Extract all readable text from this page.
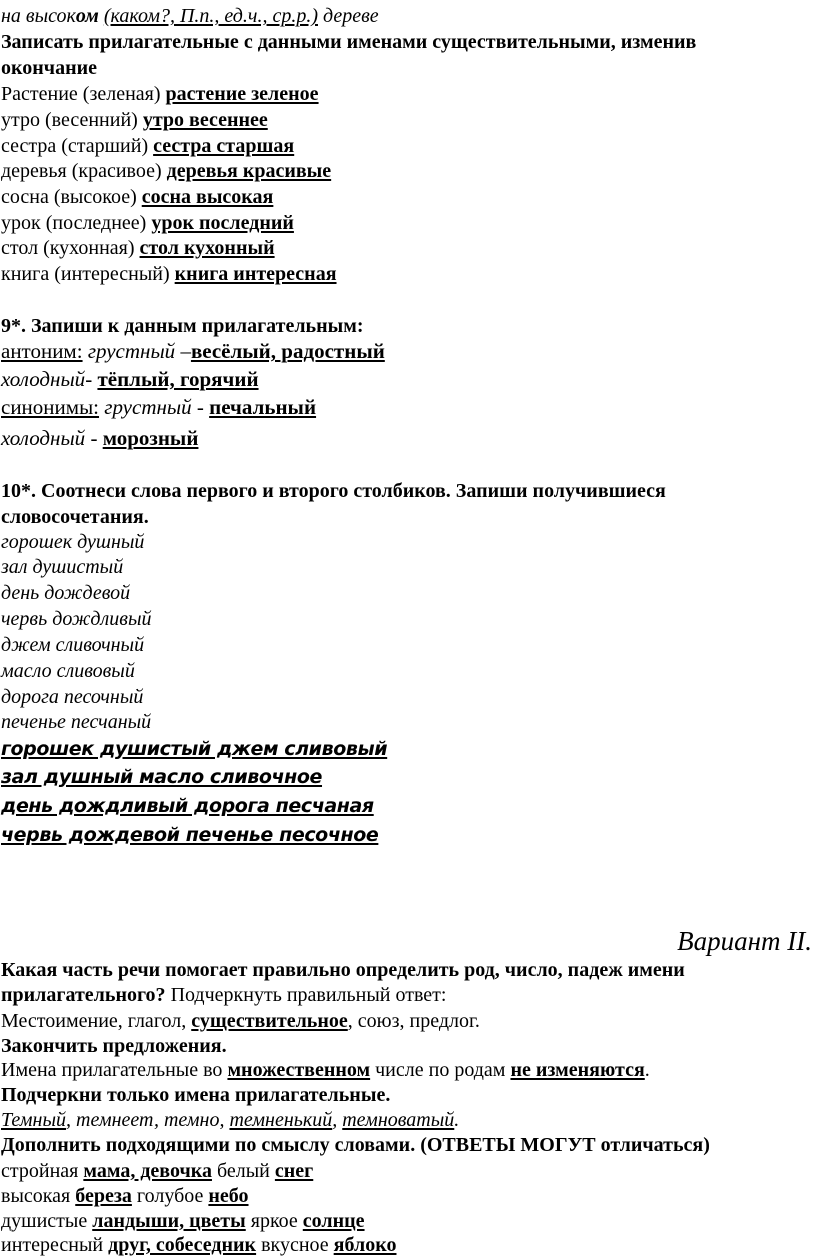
на высоком (каком?, П.п., ед.ч., ср.р.) дереве
Записать прилагательные с данными именами существительными, изменив
окончание
Растение (зеленая) растение зеленое
утро (весенний) утро весеннее
сестра (старший) сестра старшая
деревья (красивое) деревья красивые
сосна (высокое) сосна высокая
урок (последнее) урок последний
стол (кухонная) стол кухонный
книга (интересный) книга интересная
9*. Запиши к данным прилагательным:
антоним: грустный –весёлый, радостный
холодный- тёплый, горячий
синонимы: грустный - печальный
холодный - морозный
10*. Соотнеси слова первого и второго столбиков. Запиши получившиеся
словосочетания.
горошек душный
зал душистый
день дождевой
червь дождливый
джем сливочный
масло сливовый
дорога песочный
печенье песчаный
горошек душистый джем сливовый
зал душный масло сливочное
день дождливый дорога песчаная
червь дождевой печенье песочное
Вариант II.
Какая часть речи помогает правильно определить род, число, падеж имени
прилагательного? Подчеркнуть правильный ответ:
Местоимение, глагол, существительное, союз, предлог.
Закончить предложения.
Имена прилагательные во множественном числе по родам не изменяются.
Подчеркни только имена прилагательные.
Темный, темнеет, темно, темненький, темноватый.
Дополнить подходящими по смыслу словами. (ОТВЕТЫ МОГУТ отличаться)
стройная мама, девочка белый снег
высокая береза голубое небо
душистые ландыши, цветы яркое солнце
интересный друг, собеседник вкусное яблоко
